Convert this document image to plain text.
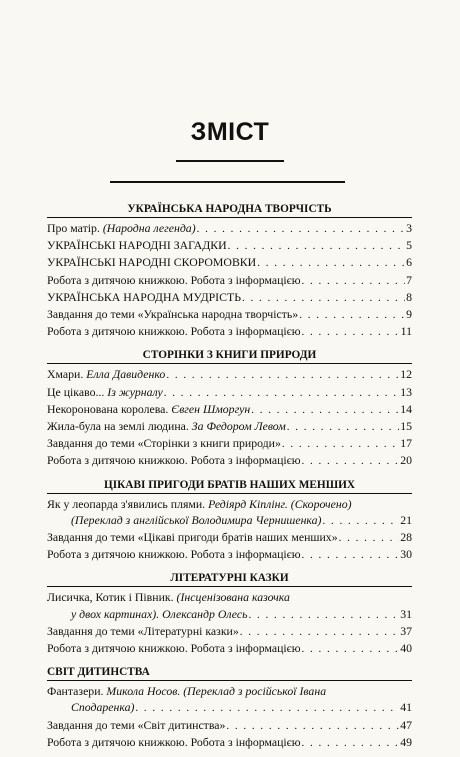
ЗМІСТ
УКРАЇНСЬКА НАРОДНА ТВОРЧІСТЬ
Про матір. (Народна легенда) . . .	3
УКРАЇНСЬКІ НАРОДНІ ЗАГАДКИ . . .	5
УКРАЇНСЬКІ НАРОДНІ СКОРОМОВКИ . . .	6
Робота з дитячою книжкою. Робота з інформацією . . .	7
УКРАЇНСЬКА НАРОДНА МУДРІСТЬ . . .	8
Завдання до теми «Українська народна творчість» . . .	9
Робота з дитячою книжкою. Робота з інформацією . . .	11
СТОРІНКИ З КНИГИ ПРИРОДИ
Хмари. Елла Давиденко . . .	12
Це цікаво... Із журналу . . .	13
Некоронована королева. Євген Шморгун . . .	14
Жила-була на землі людина. За Федором Левом . . .	15
Завдання до теми «Сторінки з книги природи» . . .	17
Робота з дитячою книжкою. Робота з інформацією . . .	20
ЦІКАВІ ПРИГОДИ БРАТІВ НАШИХ МЕНШИХ
Як у леопарда з'явились плями. Редіярд Кіплінг. (Скорочено)
(Переклад з англійської Володимира Чернишенка) . . .	21
Завдання до теми «Цікаві пригоди братів наших менших» . . .	28
Робота з дитячою книжкою. Робота з інформацією . . .	30
ЛІТЕРАТУРНІ КАЗКИ
Лисичка, Котик і Півник. (Інсценізована казочка
у двох картинах). Олександр Олесь . . .	31
Завдання до теми «Літературні казки» . . .	37
Робота з дитячою книжкою. Робота з інформацією . . .	40
СВІТ ДИТИНСТВА
Фантазери. Микола Носов. (Переклад з російської Івана
Сподаренка) . . .	41
Завдання до теми «Світ дитинства» . . .	47
Робота з дитячою книжкою. Робота з інформацією . . .	49
